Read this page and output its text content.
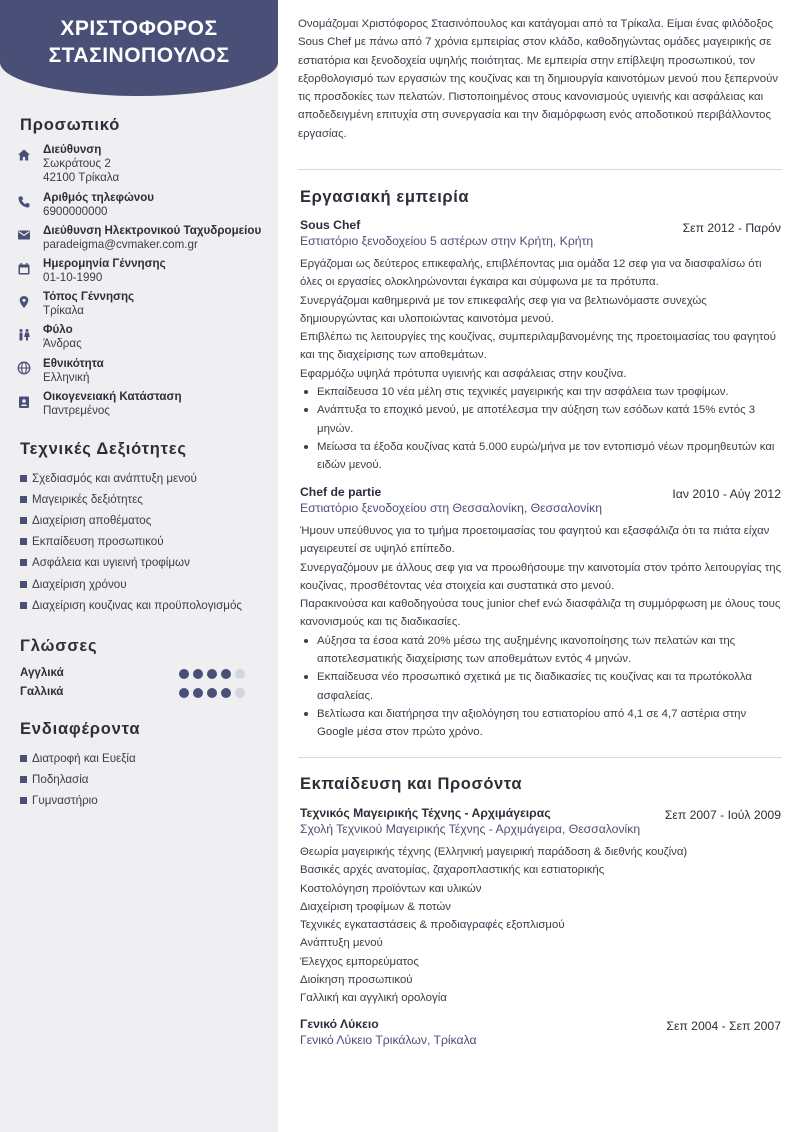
ΧΡΙΣΤΟΦΟΡΟΣ
ΣΤΑΣΙΝΟΠΟΥΛΟΣ
Προσωπικό
Διεύθυνση
Σωκράτους 2
42100 Τρίκαλα
Αριθμός τηλεφώνου
6900000000
Διεύθυνση Ηλεκτρονικού Ταχυδρομείου
paradeigma@cvmaker.com.gr
Ημερομηνία Γέννησης
01-10-1990
Τόπος Γέννησης
Τρίκαλα
Φύλο
Άνδρας
Εθνικότητα
Ελληνική
Οικογενειακή Κατάσταση
Παντρεμένος
Τεχνικές Δεξιότητες
Σχεδιασμός και ανάπτυξη μενού
Μαγειρικές δεξιότητες
Διαχείριση αποθέματος
Εκπαίδευση προσωπικού
Ασφάλεια και υγιεινή τροφίμων
Διαχείριση χρόνου
Διαχείριση κουζινας και προϋπολογισμός
Γλώσσες
Αγγλικά
Γαλλικά
Ενδιαφέροντα
Διατροφή και Ευεξία
Ποδηλασία
Γυμναστήριο
Ονομάζομαι Χριστόφορος Στασινόπουλος και κατάγομαι από τα Τρίκαλα. Είμαι ένας φιλόδοξος Sous Chef με πάνω από 7 χρόνια εμπειρίας στον κλάδο, καθοδηγώντας ομάδες μαγειρικής σε εστιατόρια και ξενοδοχεία υψηλής ποιότητας. Με εμπειρία στην επίβλεψη προσωπικού, τον εξορθολογισμό των εργασιών της κουζίνας και τη δημιουργία καινοτόμων μενού που ξεπερνούν τις προσδοκίες των πελατών. Πιστοποιημένος στους κανονισμούς υγιεινής και ασφάλειας και αποδεδειγμένη επιτυχία στη συνεργασία και την διαμόρφωση ενός αποδοτικού περιβάλλοντος εργασίας.
Εργασιακή εμπειρία
Sous Chef	Σεπ 2012 - Παρόν
Εστιατόριο ξενοδοχείου 5 αστέρων στην Κρήτη, Κρήτη
Εργάζομαι ως δεύτερος επικεφαλής, επιβλέποντας μια ομάδα 12 σεφ για να διασφαλίσω ότι όλες οι εργασίες ολοκληρώνονται έγκαιρα και σύμφωνα με τα πρότυπα.
Συνεργάζομαι καθημερινά με τον επικεφαλής σεφ για να βελτιωνόμαστε συνεχώς δημιουργώντας και υλοποιώντας καινοτόμα μενού.
Επιβλέπω τις λειτουργίες της κουζίνας, συμπεριλαμβανομένης της προετοιμασίας του φαγητού και της διαχείρισης των αποθεμάτων.
Εφαρμόζω υψηλά πρότυπα υγιεινής και ασφάλειας στην κουζίνα.
Εκπαίδευσα 10 νέα μέλη στις τεχνικές μαγειρικής και την ασφάλεια των τροφίμων.
Ανάπτυξα το εποχικό μενού, με αποτέλεσμα την αύξηση των εσόδων κατά 15% εντός 3 μηνών.
Μείωσα τα έξοδα κουζίνας κατά 5.000 ευρώ/μήνα με τον εντοπισμό νέων προμηθευτών και ειδών μενού.
Chef de partie	Ιαν 2010 - Αύγ 2012
Εστιατόριο ξενοδοχείου στη Θεσσαλονίκη, Θεσσαλονίκη
Ήμουν υπεύθυνος για το τμήμα προετοιμασίας του φαγητού και εξασφάλιζα ότι τα πιάτα είχαν μαγειρευτεί σε υψηλό επίπεδο.
Συνεργαζόμουν με άλλους σεφ για να προωθήσουμε την καινοτομία στον τρόπο λειτουργίας της κουζίνας, προσθέτοντας νέα στοιχεία και συστατικά στο μενού.
Παρακινούσα και καθοδηγούσα τους junior chef ενώ διασφάλιζα τη συμμόρφωση με όλους τους κανονισμούς και τις διαδικασίες.
Αύξησα τα έσοα κατά 20% μέσω της αυξημένης ικανοποίησης των πελατών και της αποτελεσματικής διαχείρισης των αποθεμάτων εντός 4 μηνών.
Εκπαίδευσα νέο προσωπικό σχετικά με τις διαδικασίες τις κουζίνας και τα πρωτόκολλα ασφαλείας.
Βελτίωσα και διατήρησα την αξιολόγηση του εστιατορίου από 4,1 σε 4,7 αστέρια στην Google μέσα στον πρώτο χρόνο.
Εκπαίδευση και Προσόντα
Τεχνικός Μαγειρικής Τέχνης - Αρχιμάγειρας	Σεπ 2007 - Ιούλ 2009
Σχολή Τεχνικού Μαγειρικής Τέχνης - Αρχιμάγειρα, Θεσσαλονίκη
Θεωρία μαγειρικής τέχνης (Ελληνική μαγειρική παράδοση & διεθνής κουζίνα)
Βασικές αρχές ανατομίας, ζαχαροπλαστικής και εστιατορικής
Κοστολόγηση προϊόντων και υλικών
Διαχείριση τροφίμων & ποτών
Τεχνικές εγκαταστάσεις & προδιαγραφές εξοπλισμού
Ανάπτυξη μενού
Έλεγχος εμπορεύματος
Διοίκηση προσωπικού
Γαλλική και αγγλική ορολογία
Γενικό Λύκειο	Σεπ 2004 - Σεπ 2007
Γενικό Λύκειο Τρικάλων, Τρίκαλα
